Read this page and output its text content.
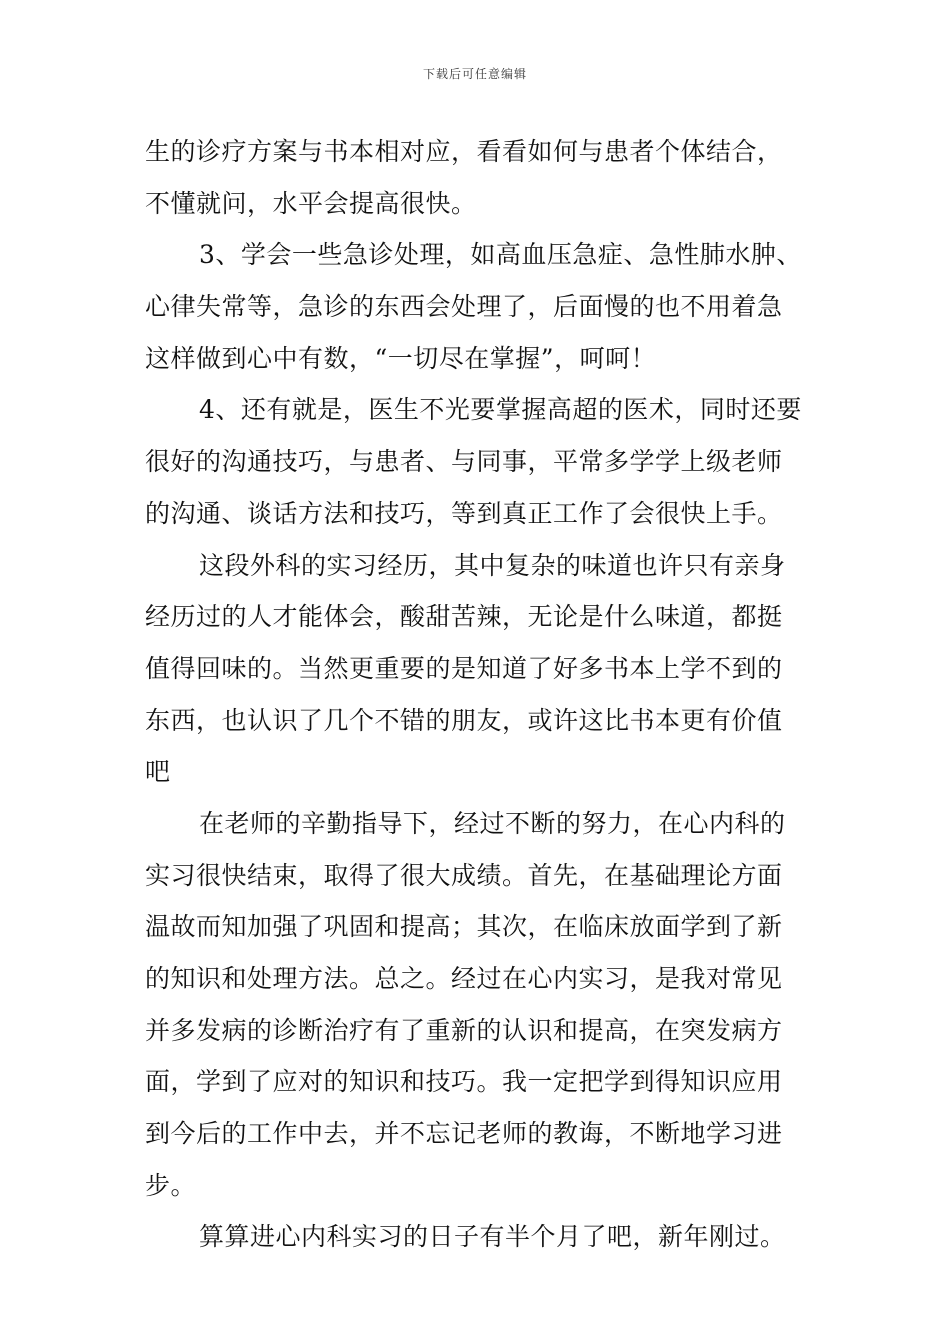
下载后可任意编辑
生的诊疗方案与书本相对应，看看如何与患者个体结合，
不懂就问，水平会提高很快。
3、学会一些急诊处理，如高血压急症、急性肺水肿、
心律失常等，急诊的东西会处理了，后面慢的也不用着急
这样做到心中有数，“一切尽在掌握”，呵呵！
4、还有就是，医生不光要掌握高超的医术，同时还要
很好的沟通技巧，与患者、与同事，平常多学学上级老师
的沟通、谈话方法和技巧，等到真正工作了会很快上手。
这段外科的实习经历，其中复杂的味道也许只有亲身
经历过的人才能体会，酸甜苦辣，无论是什么味道，都挺
值得回味的。当然更重要的是知道了好多书本上学不到的
东西，也认识了几个不错的朋友，或许这比书本更有价值
吧
在老师的辛勤指导下，经过不断的努力，在心内科的
实习很快结束，取得了很大成绩。首先，在基础理论方面
温故而知加强了巩固和提高；其次，在临床放面学到了新
的知识和处理方法。总之。经过在心内实习，是我对常见
并多发病的诊断治疗有了重新的认识和提高，在突发病方
面，学到了应对的知识和技巧。我一定把学到得知识应用
到今后的工作中去，并不忘记老师的教诲，不断地学习进
步。
算算进心内科实习的日子有半个月了吧，新年刚过。
